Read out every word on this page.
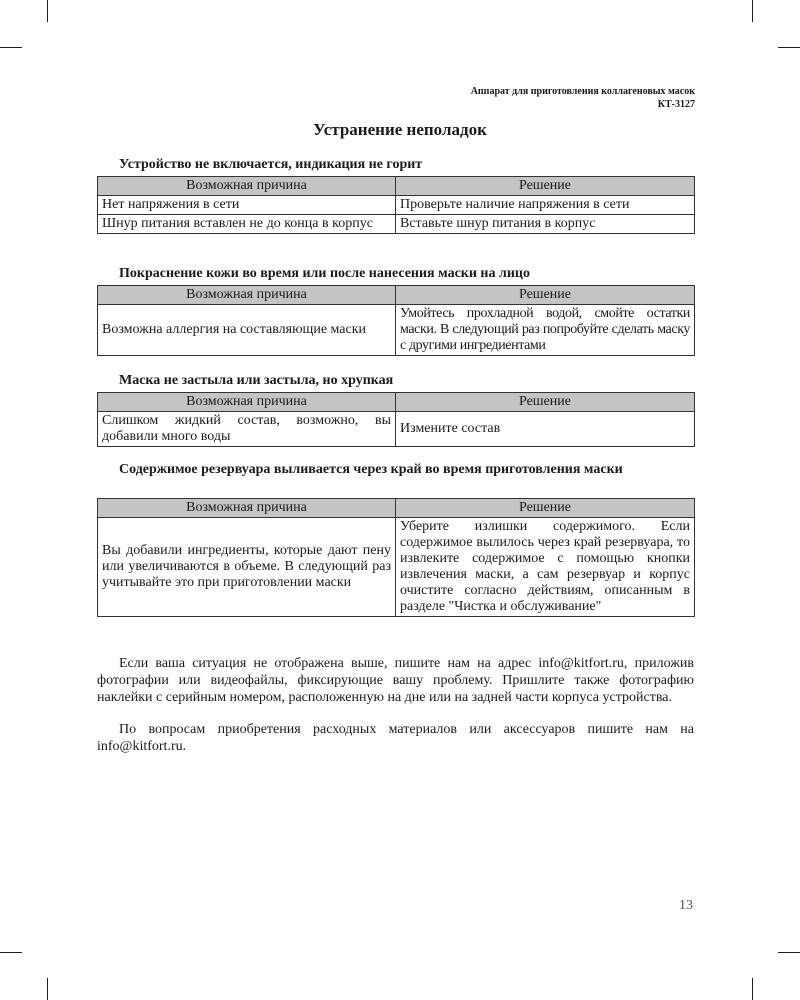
Аппарат для приготовления коллагеновых масок
КТ-3127
Устранение неполадок
Устройство не включается, индикация не горит
Возможная причина	Решение
Нет напряжения в сети	Проверьте наличие напряжения в сети
Шнур питания вставлен не до конца в корпус	Вставьте шнур питания в корпус
Покраснение кожи во время или после нанесения маски на лицо
Возможная причина	Решение
Возможна аллергия на составляющие маски	Умойтесь прохладной водой, смойте остатки маски. В следующий раз попробуйте сделать маску с другими ингредиентами
Маска не застыла или застыла, но хрупкая
Возможная причина	Решение
Слишком жидкий состав, возможно, вы добавили много воды	Измените состав
Содержимое резервуара выливается через край во время приготовления маски
Возможная причина	Решение
Вы добавили ингредиенты, которые дают пену или увеличиваются в объеме. В следующий раз учитывайте это при приготовлении маски	Уберите излишки содержимого. Если содержимое вылилось через край резервуара, то извлеките содержимое с помощью кнопки извлечения маски, а сам резервуар и корпус очистите согласно действиям, описанным в разделе "Чистка и обслуживание"
Если ваша ситуация не отображена выше, пишите нам на адрес info@kitfort.ru, приложив фотографии или видеофайлы, фиксирующие вашу проблему. Пришлите также фотографию наклейки с серийным номером, расположенную на дне или на задней части корпуса устройства.
По вопросам приобретения расходных материалов или аксессуаров пишите нам на info@kitfort.ru.
13
